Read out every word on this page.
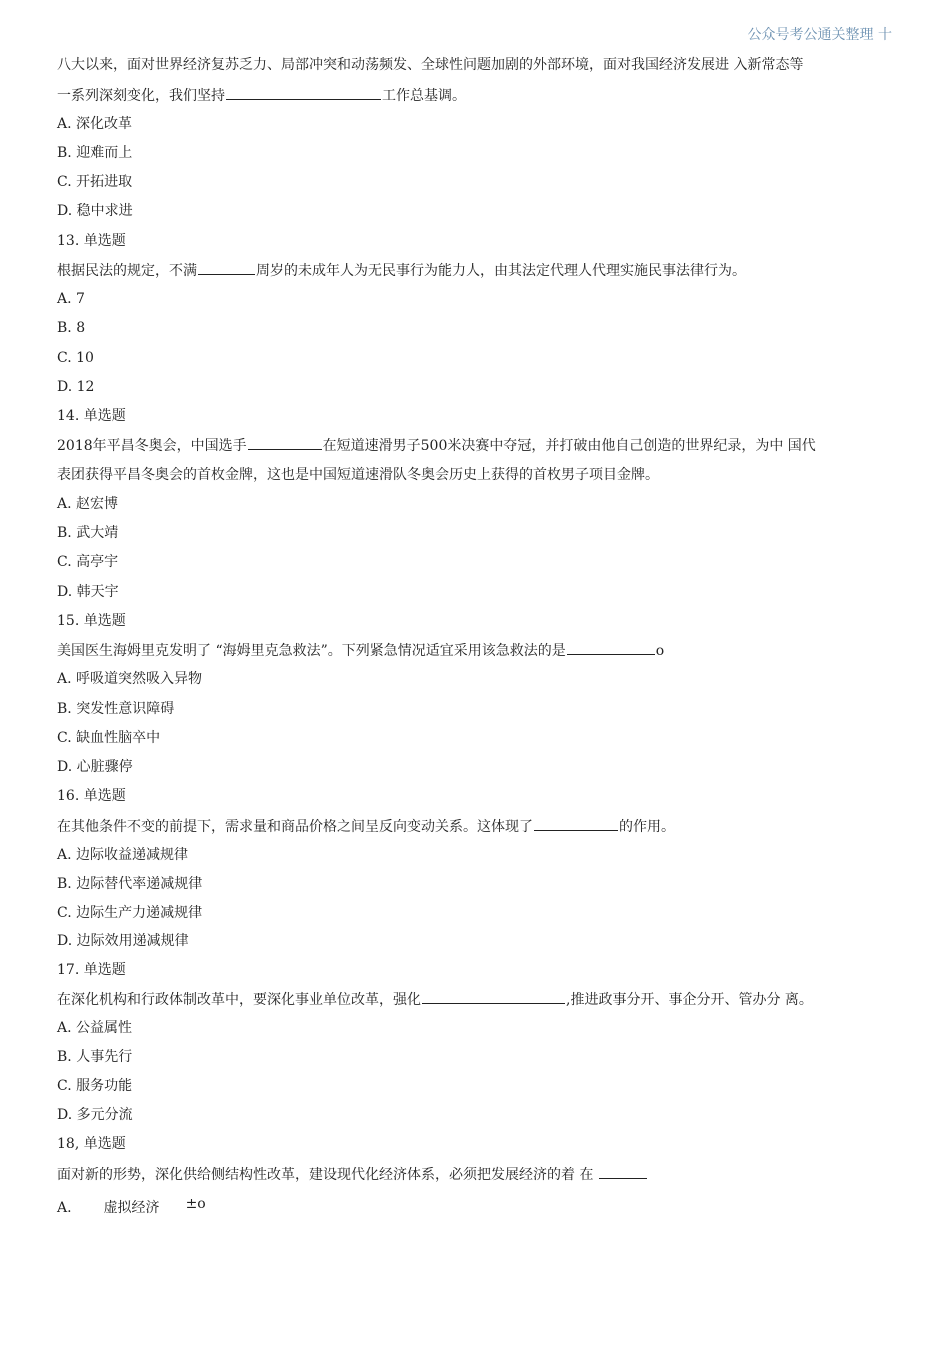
公众号考公通关整理 十
八大以来，面对世界经济复苏乏力、局部冲突和动荡频发、全球性问题加剧的外部环境，面对我国经济发展进 入新常态等
一系列深刻变化，我们坚持	工作总基调。
A. 深化改革
B. 迎难而上
C. 开拓进取
D. 稳中求进
13. 单选题
根据民法的规定，不满	周岁的未成年人为无民事行为能力人，由其法定代理人代理实施民事法律行为。
A. 7
B. 8
C. 10
D. 12
14. 单选题
2018年平昌冬奥会，中国选手	在短道速滑男子500米决赛中夺冠，并打破由他自己创造的世界纪录，为中 国代
表团获得平昌冬奥会的首枚金牌，这也是中国短道速滑队冬奥会历史上获得的首枚男子项目金牌。
A. 赵宏博
B. 武大靖
C. 高亭宇
D. 韩天宇
15. 单选题
美国医生海姆里克发明了 “海姆里克急救法”。下列紧急情况适宜采用该急救法的是	o
A. 呼吸道突然吸入异物
B. 突发性意识障碍
C. 缺血性脑卒中
D. 心脏骤停
16. 单选题
在其他条件不变的前提下，需求量和商品价格之间呈反向变动关系。这体现了	的作用。
A. 边际收益递减规律
B. 边际替代率递减规律
C. 边际生产力递减规律
D. 边际效用递减规律
17. 单选题
在深化机构和行政体制改革中，要深化事业单位改革，强化	,推进政事分开、事企分开、管办分 离。
A. 公益属性
B. 人事先行
C. 服务功能
D. 多元分流
18, 单选题
面对新的形势，深化供给侧结构性改革，建设现代化经济体系，必须把发展经济的着 在
A. 虚拟经济 ±o
